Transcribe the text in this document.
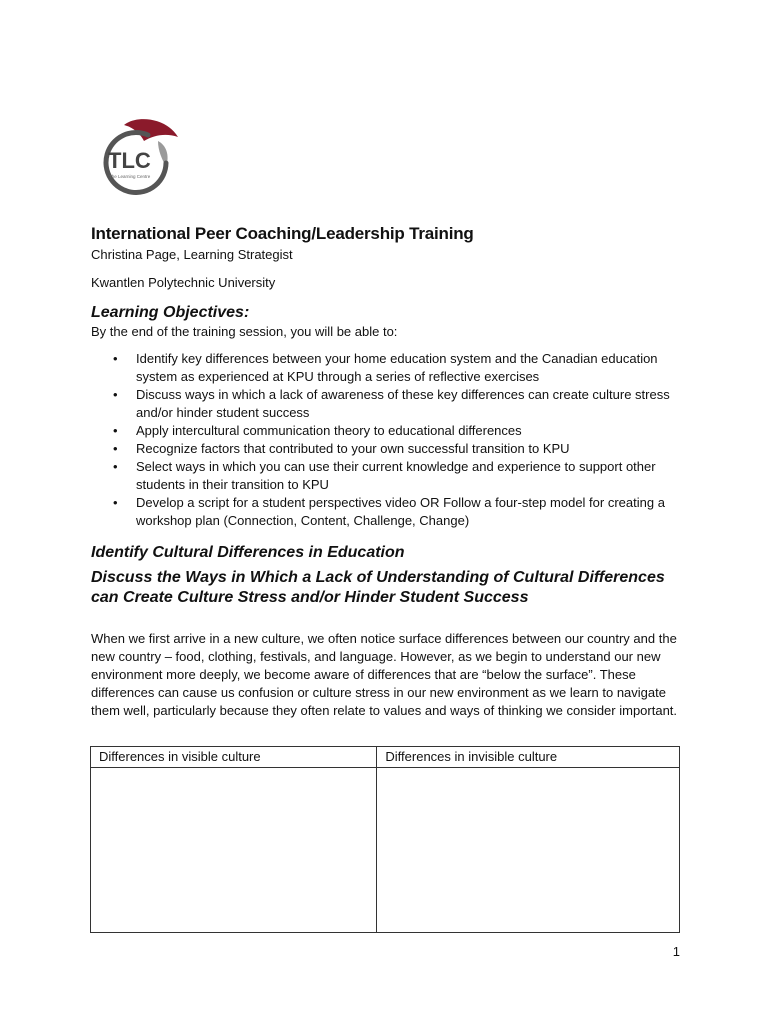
TLC
The Learning Centre
International Peer Coaching/Leadership Training

Christina Page, Learning Strategist

Kwantlen Polytechnic University

Learning Objectives:

By the end of the training session, you will be able to:

• Identify key differences between your home education system and the Canadian education system as experienced at KPU through a series of reflective exercises
• Discuss ways in which a lack of awareness of these key differences can create culture stress and/or hinder student success
• Apply intercultural communication theory to educational differences
• Recognize factors that contributed to your own successful transition to KPU
• Select ways in which you can use their current knowledge and experience to support other students in their transition to KPU
• Develop a script for a student perspectives video OR Follow a four-step model for creating a workshop plan (Connection, Content, Challenge, Change)
Identify Cultural Differences in Education
Discuss the Ways in Which a Lack of Understanding of Cultural Differences
can Create Culture Stress and/or Hinder Student Success

When we first arrive in a new culture, we often notice surface differences between our country and the new country – food, clothing, festivals, and language. However, as we begin to understand our new environment more deeply, we become aware of differences that are “below the surface”. These differences can cause us confusion or culture stress in our new environment as we learn to navigate them well, particularly because they often relate to values and ways of thinking we consider important.

Differences in visible culture	Differences in invisible culture

1
